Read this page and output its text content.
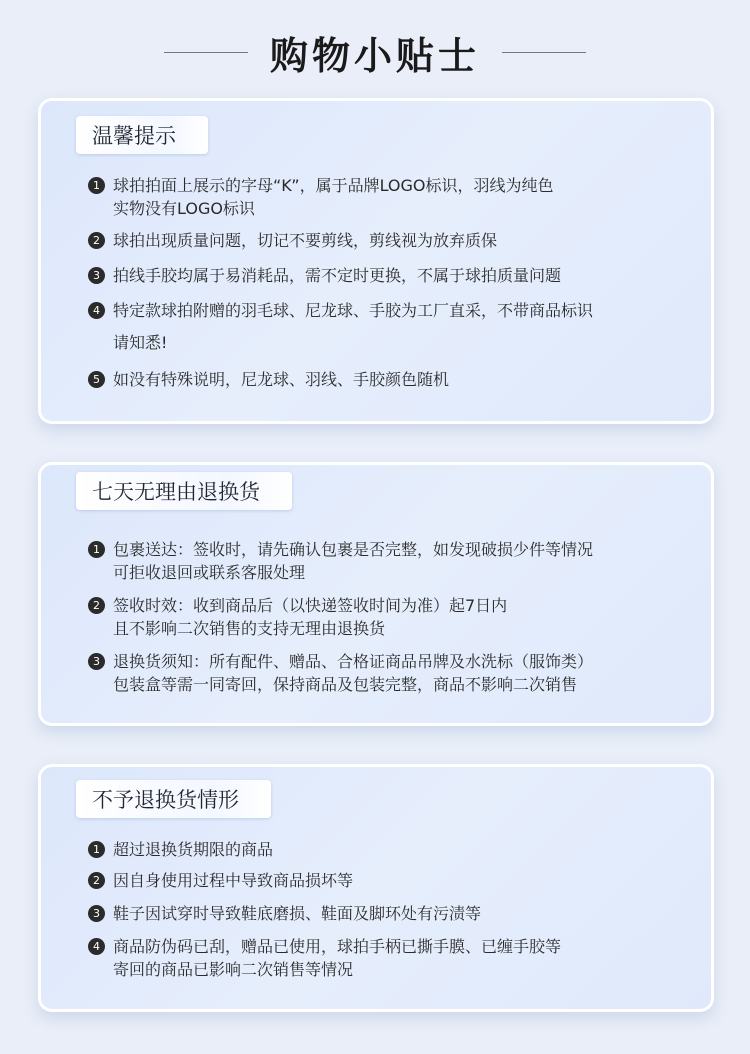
购物小贴士
温馨提示
1 球拍拍面上展示的字母“K”，属于品牌LOGO标识，羽线为纯色
实物没有LOGO标识
2 球拍出现质量问题，切记不要剪线，剪线视为放弃质保
3 拍线手胶均属于易消耗品，需不定时更换，不属于球拍质量问题
4 特定款球拍附赠的羽毛球、尼龙球、手胶为工厂直采，不带商品标识
请知悉!
5 如没有特殊说明，尼龙球、羽线、手胶颜色随机
七天无理由退换货
1 包裹送达：签收时，请先确认包裹是否完整，如发现破损少件等情况
可拒收退回或联系客服处理
2 签收时效：收到商品后（以快递签收时间为准）起7日内
且不影响二次销售的支持无理由退换货
3 退换货须知：所有配件、赠品、合格证商品吊牌及水洗标（服饰类）
包装盒等需一同寄回，保持商品及包装完整，商品不影响二次销售
不予退换货情形
1 超过退换货期限的商品
2 因自身使用过程中导致商品损坏等
3 鞋子因试穿时导致鞋底磨损、鞋面及脚环处有污渍等
4 商品防伪码已刮，赠品已使用，球拍手柄已撕手膜、已缠手胶等
寄回的商品已影响二次销售等情况
